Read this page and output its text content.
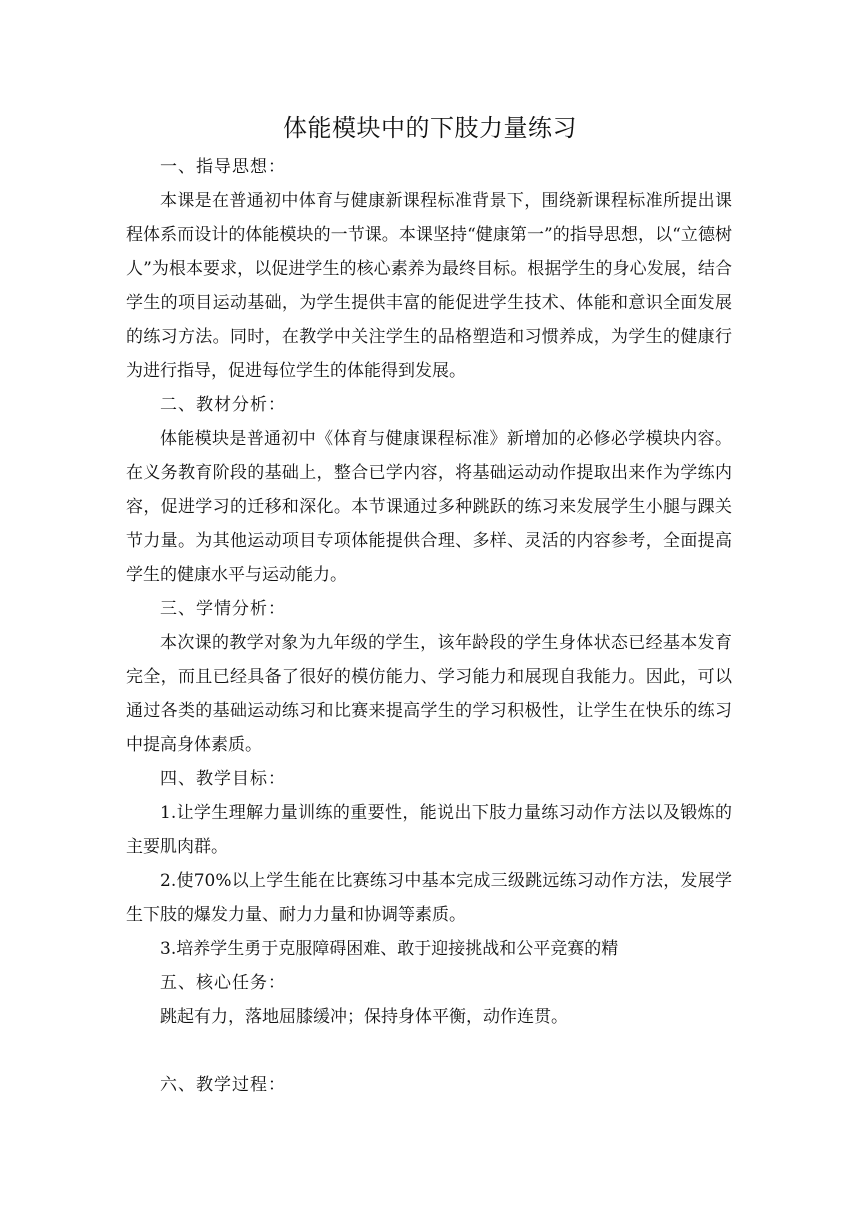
体能模块中的下肢力量练习

一、指导思想：

本课是在普通初中体育与健康新课程标准背景下，围绕新课程标准所提出课程体系而设计的体能模块的一节课。本课坚持“健康第一”的指导思想，以“立德树人”为根本要求，以促进学生的核心素养为最终目标。根据学生的身心发展，结合学生的项目运动基础，为学生提供丰富的能促进学生技术、体能和意识全面发展的练习方法。同时，在教学中关注学生的品格塑造和习惯养成，为学生的健康行为进行指导，促进每位学生的体能得到发展。

二、教材分析：

体能模块是普通初中《体育与健康课程标准》新增加的必修必学模块内容。在义务教育阶段的基础上，整合已学内容，将基础运动动作提取出来作为学练内容，促进学习的迁移和深化。本节课通过多种跳跃的练习来发展学生小腿与踝关节力量。为其他运动项目专项体能提供合理、多样、灵活的内容参考，全面提高学生的健康水平与运动能力。

三、学情分析：

本次课的教学对象为九年级的学生，该年龄段的学生身体状态已经基本发育完全，而且已经具备了很好的模仿能力、学习能力和展现自我能力。因此，可以通过各类的基础运动练习和比赛来提高学生的学习积极性，让学生在快乐的练习中提高身体素质。

四、教学目标：

1.让学生理解力量训练的重要性，能说出下肢力量练习动作方法以及锻炼的主要肌肉群。

2.使70%以上学生能在比赛练习中基本完成三级跳远练习动作方法，发展学生下肢的爆发力量、耐力力量和协调等素质。

3.培养学生勇于克服障碍困难、敢于迎接挑战和公平竞赛的精

五、核心任务：

跳起有力，落地屈膝缓冲；保持身体平衡，动作连贯。

六、教学过程：
